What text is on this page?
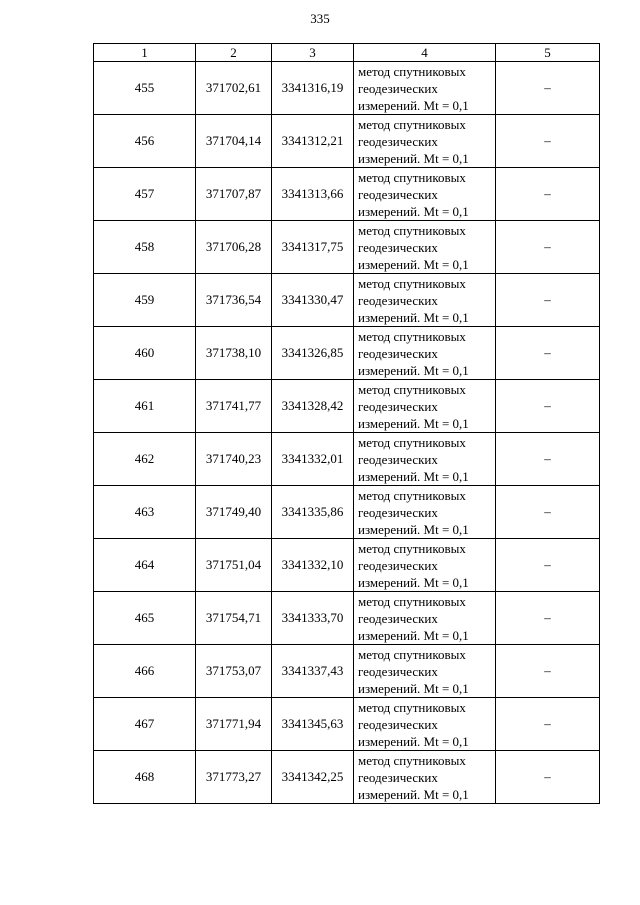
335
1	2	3	4	5
455	371702,61	3341316,19	метод спутниковых
геодезических
измерений. Mt = 0,1	–
456	371704,14	3341312,21	метод спутниковых
геодезических
измерений. Mt = 0,1	–
457	371707,87	3341313,66	метод спутниковых
геодезических
измерений. Mt = 0,1	–
458	371706,28	3341317,75	метод спутниковых
геодезических
измерений. Mt = 0,1	–
459	371736,54	3341330,47	метод спутниковых
геодезических
измерений. Mt = 0,1	–
460	371738,10	3341326,85	метод спутниковых
геодезических
измерений. Mt = 0,1	–
461	371741,77	3341328,42	метод спутниковых
геодезических
измерений. Mt = 0,1	–
462	371740,23	3341332,01	метод спутниковых
геодезических
измерений. Mt = 0,1	–
463	371749,40	3341335,86	метод спутниковых
геодезических
измерений. Mt = 0,1	–
464	371751,04	3341332,10	метод спутниковых
геодезических
измерений. Mt = 0,1	–
465	371754,71	3341333,70	метод спутниковых
геодезических
измерений. Mt = 0,1	–
466	371753,07	3341337,43	метод спутниковых
геодезических
измерений. Mt = 0,1	–
467	371771,94	3341345,63	метод спутниковых
геодезических
измерений. Mt = 0,1	–
468	371773,27	3341342,25	метод спутниковых
геодезических
измерений. Mt = 0,1	–
